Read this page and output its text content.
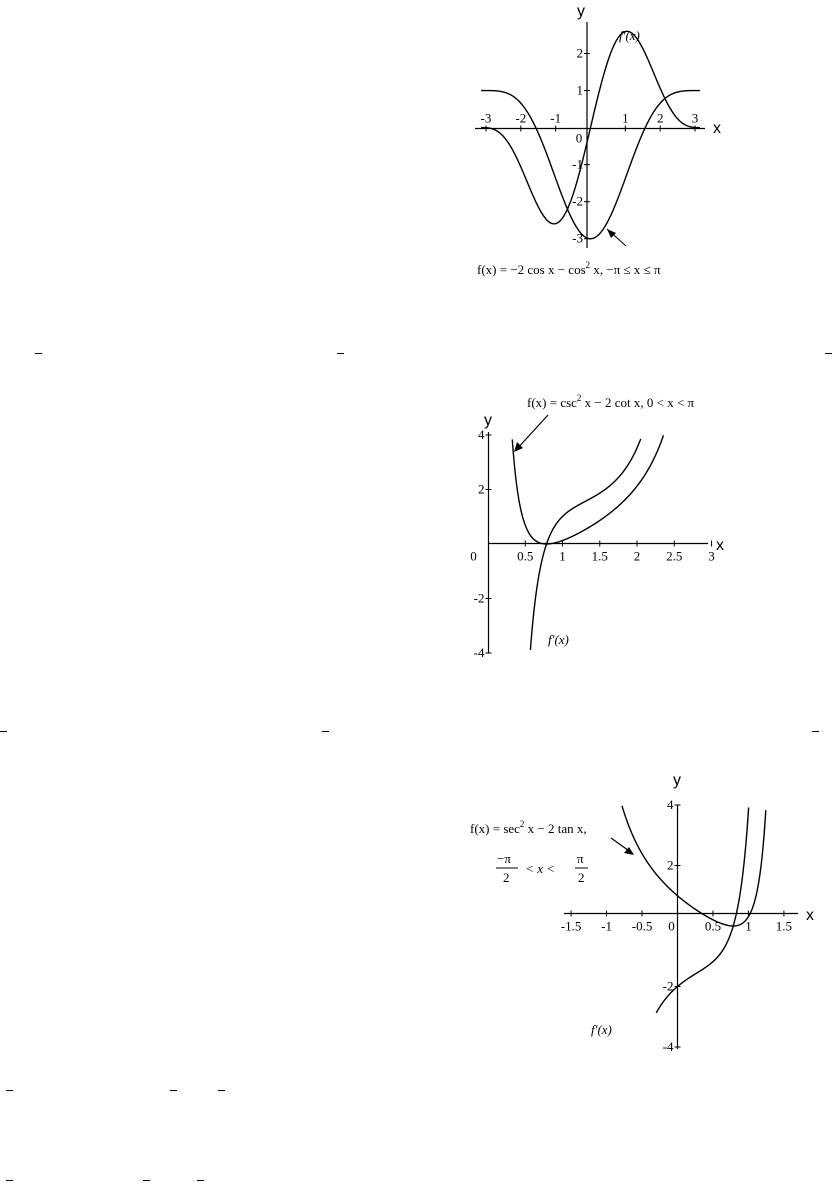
-3 -2 -1
0
1 2 3
2
1
-1
-2
-3
x
y
f′(x)
f(x) = −2 $\cos x - \cos^2 x$, −π ≤ x ≤ π
0	0.5 1 1.5 2 2.5 3
4
2
-2
-4
x
y
$f(x) = \csc^2 x - 2$ cot x, 0 < x < π
f′(x)
-1.5 -1 -0.5 0 0.5 1 1.5
4
2
-2
-4
x
y
$f(x) = \sec^2 x - 2$ tan x,
−π
2
< x <
π
2
f′(x)
